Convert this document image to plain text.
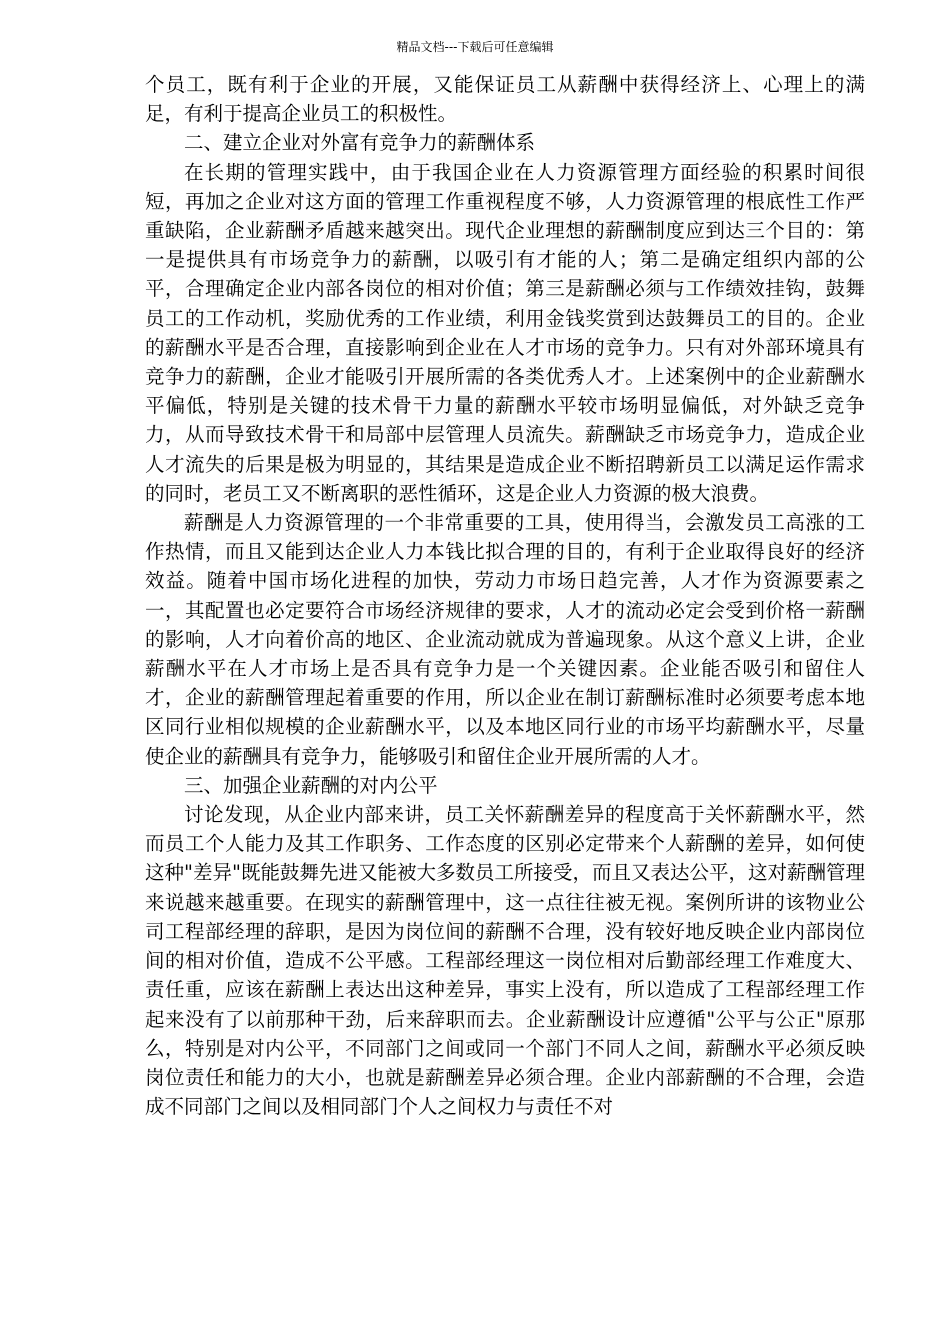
精品文档---下载后可任意编辑

个员工，既有利于企业的开展，又能保证员工从薪酬中获得经济上、心理上的满足，有利于提高企业员工的积极性。

二、建立企业对外富有竞争力的薪酬体系

在长期的管理实践中，由于我国企业在人力资源管理方面经验的积累时间很短，再加之企业对这方面的管理工作重视程度不够，人力资源管理的根底性工作严重缺陷，企业薪酬矛盾越来越突出。现代企业理想的薪酬制度应到达三个目的：第一是提供具有市场竞争力的薪酬，以吸引有才能的人；第二是确定组织内部的公平，合理确定企业内部各岗位的相对价值；第三是薪酬必须与工作绩效挂钩，鼓舞员工的工作动机，奖励优秀的工作业绩，利用金钱奖赏到达鼓舞员工的目的。企业的薪酬水平是否合理，直接影响到企业在人才市场的竞争力。只有对外部环境具有竞争力的薪酬，企业才能吸引开展所需的各类优秀人才。上述案例中的企业薪酬水平偏低，特别是关键的技术骨干力量的薪酬水平较市场明显偏低，对外缺乏竞争力，从而导致技术骨干和局部中层管理人员流失。薪酬缺乏市场竞争力，造成企业人才流失的后果是极为明显的，其结果是造成企业不断招聘新员工以满足运作需求的同时，老员工又不断离职的恶性循环，这是企业人力资源的极大浪费。

薪酬是人力资源管理的一个非常重要的工具，使用得当，会激发员工高涨的工作热情，而且又能到达企业人力本钱比拟合理的目的，有利于企业取得良好的经济效益。随着中国市场化进程的加快，劳动力市场日趋完善，人才作为资源要素之一，其配置也必定要符合市场经济规律的要求，人才的流动必定会受到价格一薪酬的影响，人才向着价高的地区、企业流动就成为普遍现象。从这个意义上讲，企业薪酬水平在人才市场上是否具有竞争力是一个关键因素。企业能否吸引和留住人才，企业的薪酬管理起着重要的作用，所以企业在制订薪酬标准时必须要考虑本地区同行业相似规模的企业薪酬水平，以及本地区同行业的市场平均薪酬水平，尽量使企业的薪酬具有竞争力，能够吸引和留住企业开展所需的人才。

三、加强企业薪酬的对内公平

讨论发现，从企业内部来讲，员工关怀薪酬差异的程度高于关怀薪酬水平，然而员工个人能力及其工作职务、工作态度的区别必定带来个人薪酬的差异，如何使这种"差异"既能鼓舞先进又能被大多数员工所接受，而且又表达公平，这对薪酬管理来说越来越重要。在现实的薪酬管理中，这一点往往被无视。案例所讲的该物业公司工程部经理的辞职，是因为岗位间的薪酬不合理，没有较好地反映企业内部岗位间的相对价值，造成不公平感。工程部经理这一岗位相对后勤部经理工作难度大、责任重，应该在薪酬上表达出这种差异，事实上没有，所以造成了工程部经理工作起来没有了以前那种干劲，后来辞职而去。企业薪酬设计应遵循"公平与公正"原那么，特别是对内公平，不同部门之间或同一个部门不同人之间，薪酬水平必须反映岗位责任和能力的大小，也就是薪酬差异必须合理。企业内部薪酬的不合理，会造成不同部门之间以及相同部门个人之间权力与责任不对
